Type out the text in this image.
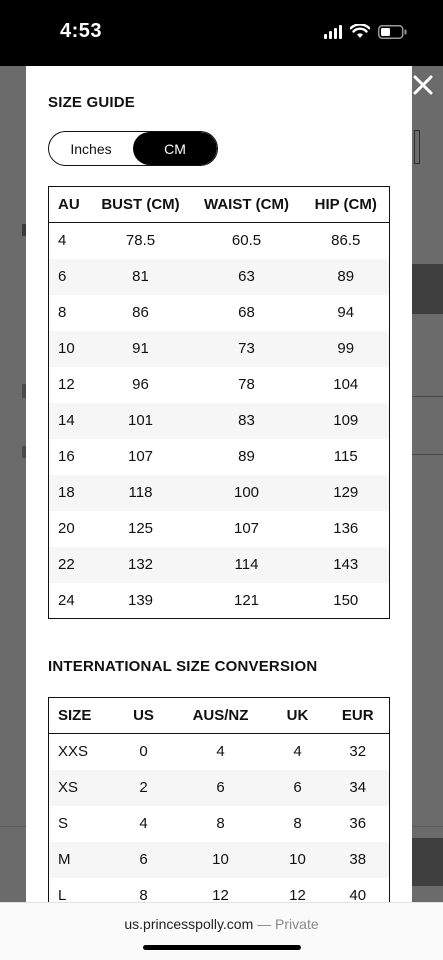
4:53
SIZE GUIDE
Inches	CM
AU	BUST (CM)	WAIST (CM)	HIP (CM)
4	78.5	60.5	86.5
6	81	63	89
8	86	68	94
10	91	73	99
12	96	78	104
14	101	83	109
16	107	89	115
18	118	100	129
20	125	107	136
22	132	114	143
24	139	121	150
INTERNATIONAL SIZE CONVERSION
SIZE	US	AUS/NZ	UK	EUR
XXS	0	4	4	32
XS	2	6	6	34
S	4	8	8	36
M	6	10	10	38
L	8	12	12	40
us.princesspolly.com — Private
